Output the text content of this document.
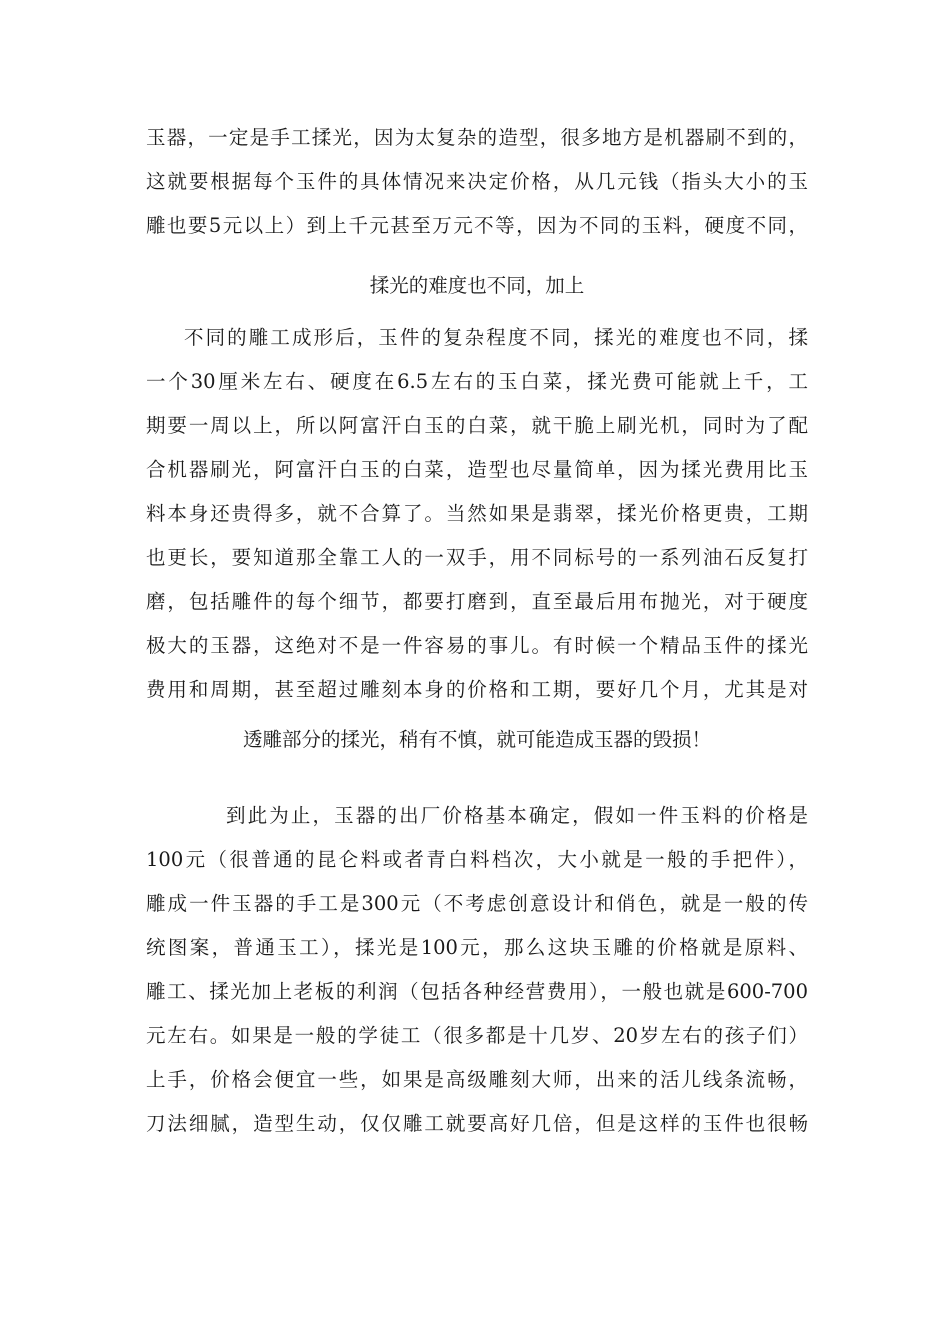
玉器，一定是手工揉光，因为太复杂的造型，很多地方是机器刷不到的，
这就要根据每个玉件的具体情况来决定价格，从几元钱（指头大小的玉
雕也要5元以上）到上千元甚至万元不等，因为不同的玉料，硬度不同，
揉光的难度也不同，加上
不同的雕工成形后，玉件的复杂程度不同，揉光的难度也不同，揉
一个30厘米左右、硬度在6.5左右的玉白菜，揉光费可能就上千，工
期要一周以上，所以阿富汗白玉的白菜，就干脆上刷光机，同时为了配
合机器刷光，阿富汗白玉的白菜，造型也尽量简单，因为揉光费用比玉
料本身还贵得多，就不合算了。当然如果是翡翠，揉光价格更贵，工期
也更长，要知道那全靠工人的一双手，用不同标号的一系列油石反复打
磨，包括雕件的每个细节，都要打磨到，直至最后用布抛光，对于硬度
极大的玉器，这绝对不是一件容易的事儿。有时候一个精品玉件的揉光
费用和周期，甚至超过雕刻本身的价格和工期，要好几个月，尤其是对
透雕部分的揉光，稍有不慎，就可能造成玉器的毁损！
到此为止，玉器的出厂价格基本确定，假如一件玉料的价格是
100元（很普通的昆仑料或者青白料档次，大小就是一般的手把件），
雕成一件玉器的手工是300元（不考虑创意设计和俏色，就是一般的传
统图案，普通玉工），揉光是100元，那么这块玉雕的价格就是原料、
雕工、揉光加上老板的利润（包括各种经营费用），一般也就是600-700
元左右。如果是一般的学徒工（很多都是十几岁、20岁左右的孩子们）
上手，价格会便宜一些，如果是高级雕刻大师，出来的活儿线条流畅，
刀法细腻，造型生动，仅仅雕工就要高好几倍，但是这样的玉件也很畅
